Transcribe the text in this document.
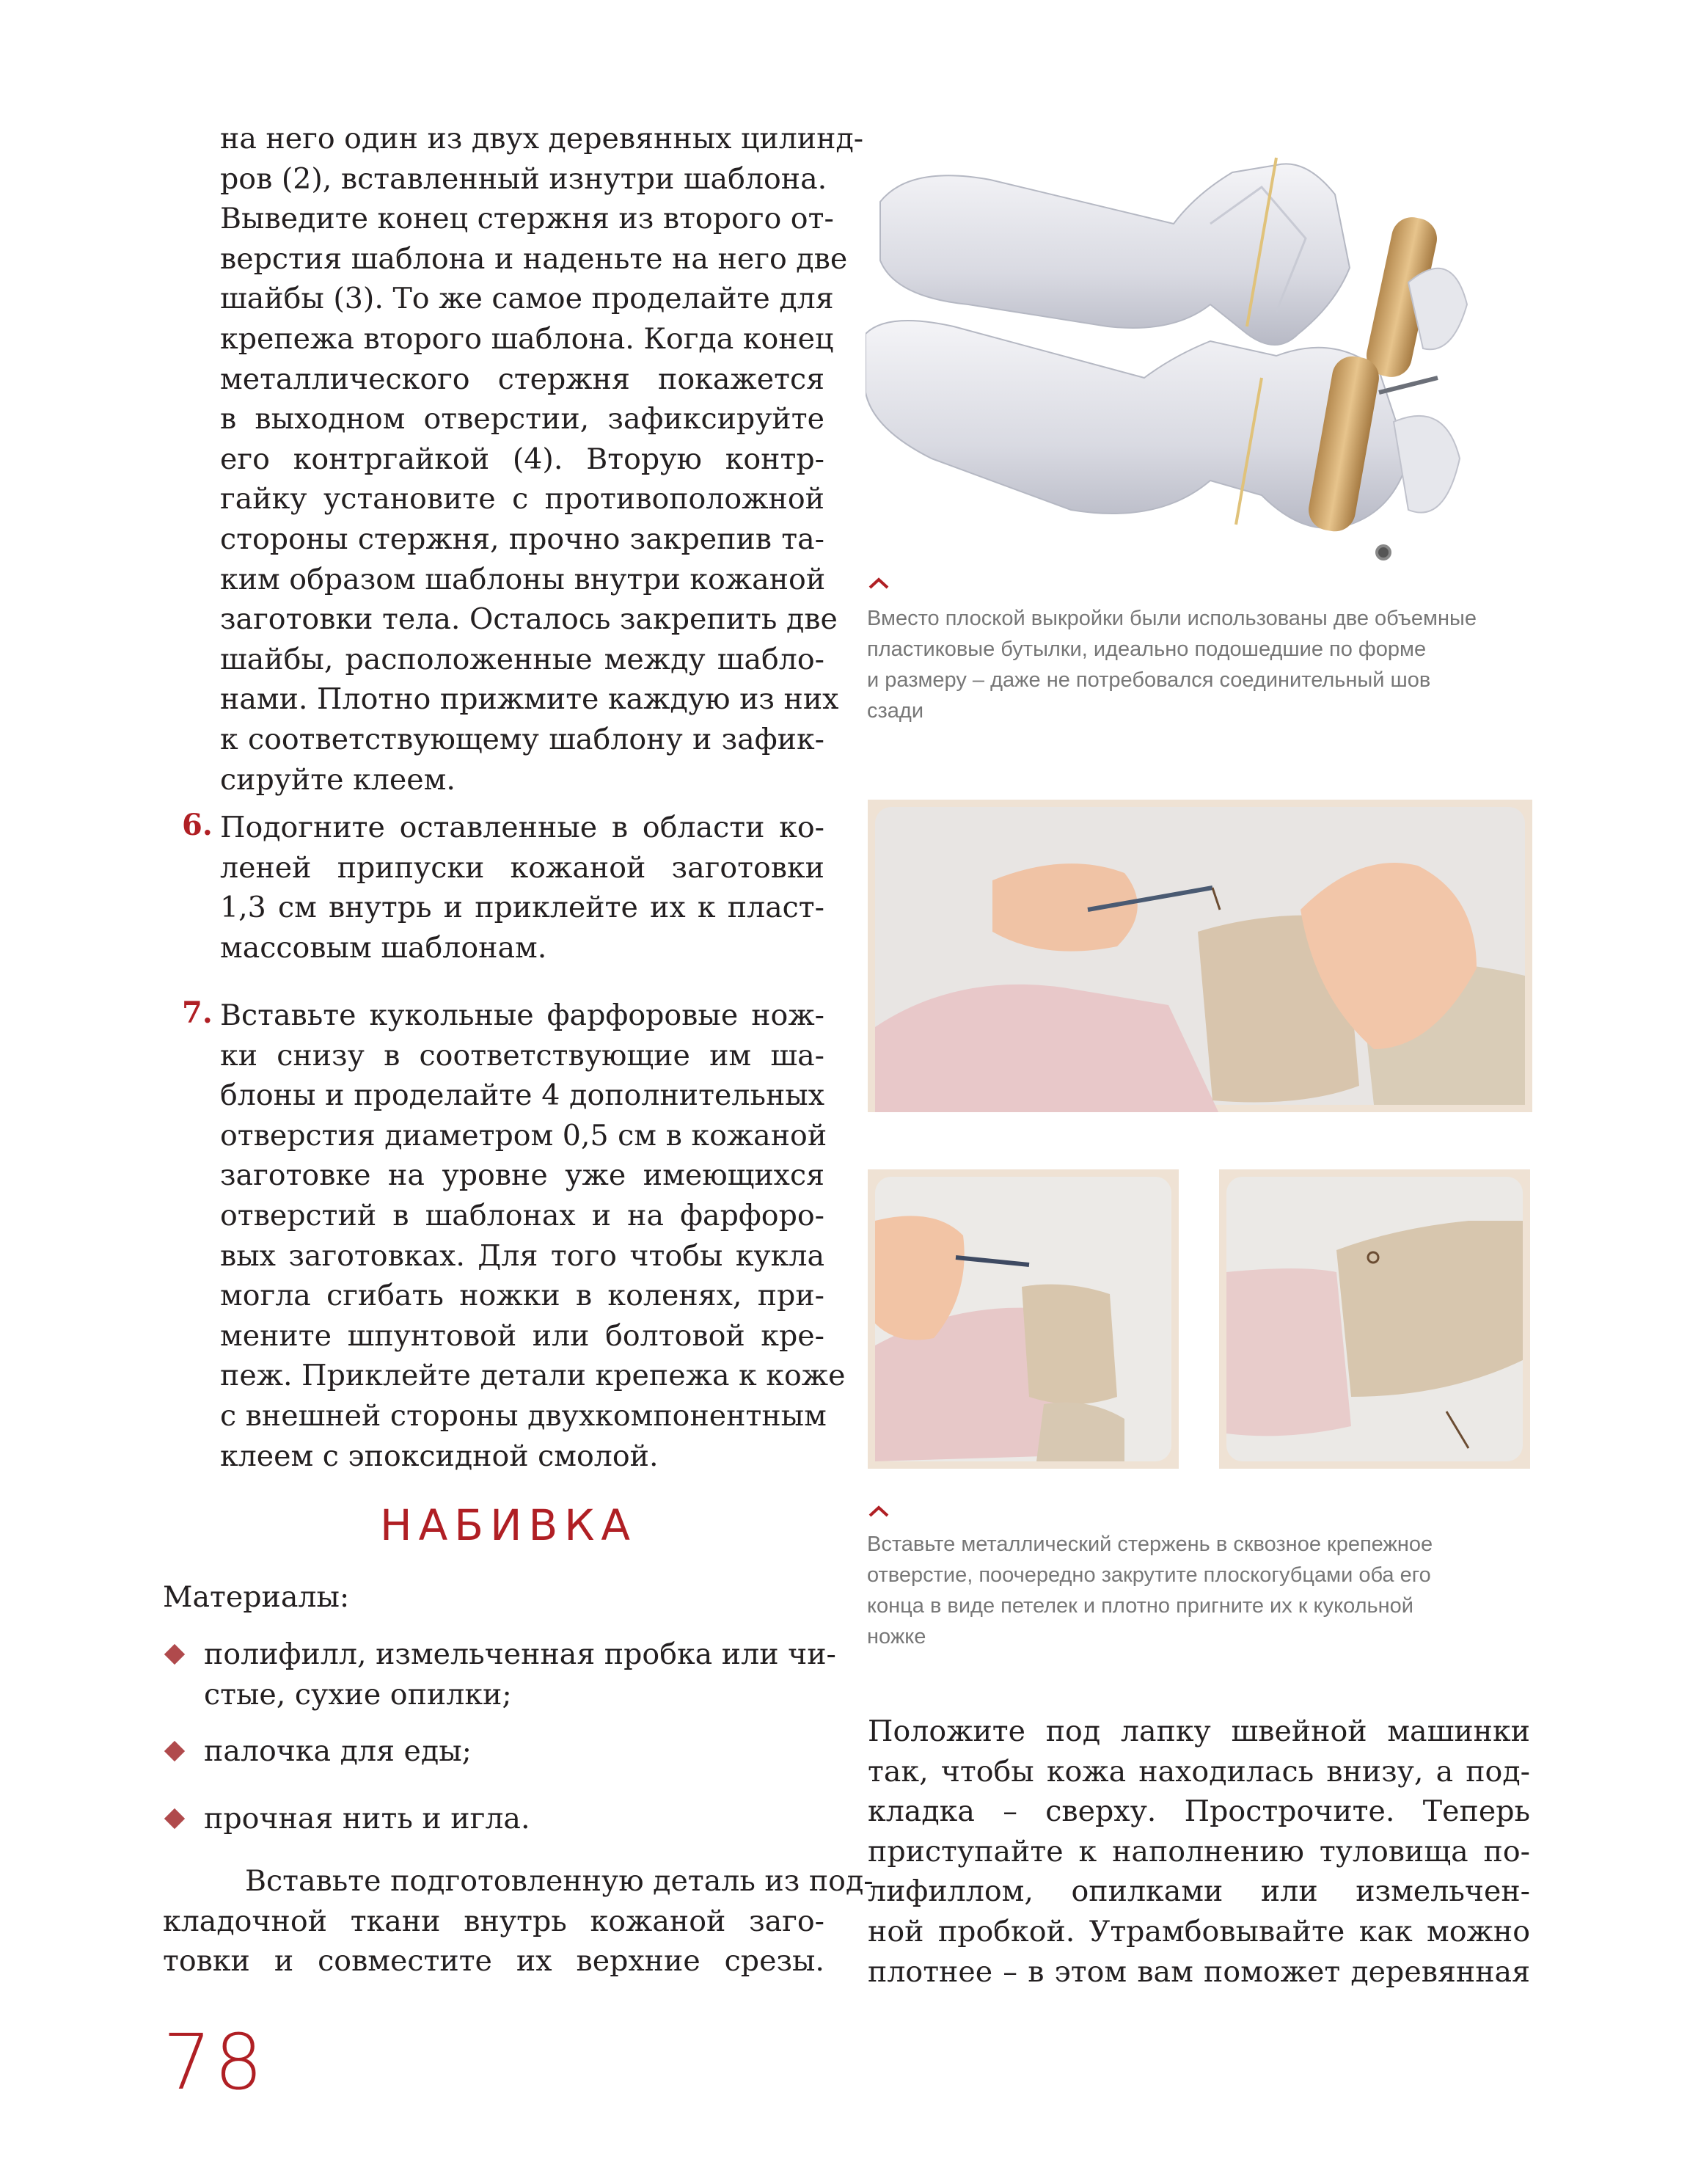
на него один из двух деревянных цилинд-
ров (2), вставленный изнутри шаблона.
Выведите конец стержня из второго от-
верстия шаблона и наденьте на него две
шайбы (3). То же самое проделайте для
крепежа второго шаблона. Когда конец
металлического стержня покажется
в выходном отверстии, зафиксируйте
его контргайкой (4). Вторую контр-
гайку установите с противоположной
стороны стержня, прочно закрепив та-
ким образом шаблоны внутри кожаной
заготовки тела. Осталось закрепить две
шайбы, расположенные между шабло-
нами. Плотно прижмите каждую из них
к соответствующему шаблону и зафик-
сируйте клеем.
6. Подогните оставленные в области ко-
леней припуски кожаной заготовки
1,3 см внутрь и приклейте их к пласт-
массовым шаблонам.
7. Вставьте кукольные фарфоровые нож-
ки снизу в соответствующие им ша-
блоны и проделайте 4 дополнительных
отверстия диаметром 0,5 см в кожаной
заготовке на уровне уже имеющихся
отверстий в шаблонах и на фарфоро-
вых заготовках. Для того чтобы кукла
могла сгибать ножки в коленях, при-
мените шпунтовой или болтовой кре-
пеж. Приклейте детали крепежа к коже
с внешней стороны двухкомпонентным
клеем с эпоксидной смолой.
НАБИВКА
Материалы:
полифилл, измельченная пробка или чи-
стые, сухие опилки;
палочка для еды;
прочная нить и игла.
Вставьте подготовленную деталь из под-
кладочной ткани внутрь кожаной заго-
товки и совместите их верхние срезы.
78
Вместо плоской выкройки были использованы две объемные
пластиковые бутылки, идеально подошедшие по форме
и размеру – даже не потребовался соединительный шов
сзади
Вставьте металлический стержень в сквозное крепежное
отверстие, поочередно закрутите плоскогубцами оба его
конца в виде петелек и плотно пригните их к кукольной
ножке
Положите под лапку швейной машинки
так, чтобы кожа находилась внизу, а под-
кладка – сверху. Прострочите. Теперь
приступайте к наполнению туловища по-
лифиллом, опилками или измельчен-
ной пробкой. Утрамбовывайте как можно
плотнее – в этом вам поможет деревянная
